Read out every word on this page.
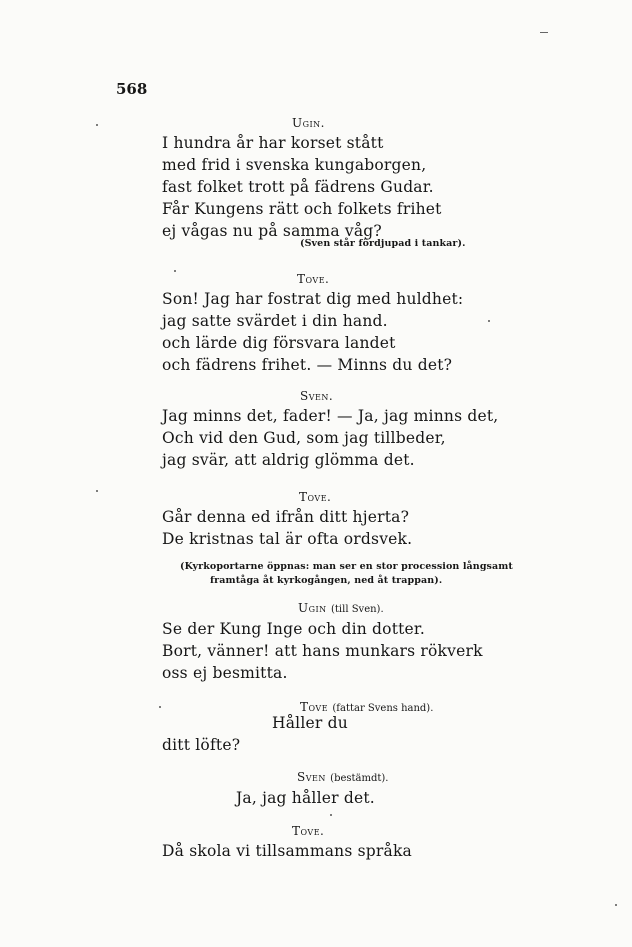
568
Ugin.
I hundra år har korset stått
med frid i svenska kungaborgen,
fast folket trott på fädrens Gudar.
Får Kungens rätt och folkets frihet
ej vågas nu på samma våg?
(Sven står fördjupad i tankar).
Tove.
Son! Jag har fostrat dig med huldhet:
jag satte svärdet i din hand.
och lärde dig försvara landet
och fädrens frihet. — Minns du det?
Sven.
Jag minns det, fader! — Ja, jag minns det,
Och vid den Gud, som jag tillbeder,
jag svär, att aldrig glömma det.
Tove.
Går denna ed ifrån ditt hjerta?
De kristnas tal är ofta ordsvek.
(Kyrkoportarne öppnas: man ser en stor procession långsamt
framtåga åt kyrkogången, ned åt trappan).
Ugin (till Sven).
Se der Kung Inge och din dotter.
Bort, vänner! att hans munkars rökverk
oss ej besmitta.
Tove (fattar Svens hand).
Håller du
ditt löfte?
Sven (bestämdt).
Ja, jag håller det.
Tove.
Då skola vi tillsammans språka
